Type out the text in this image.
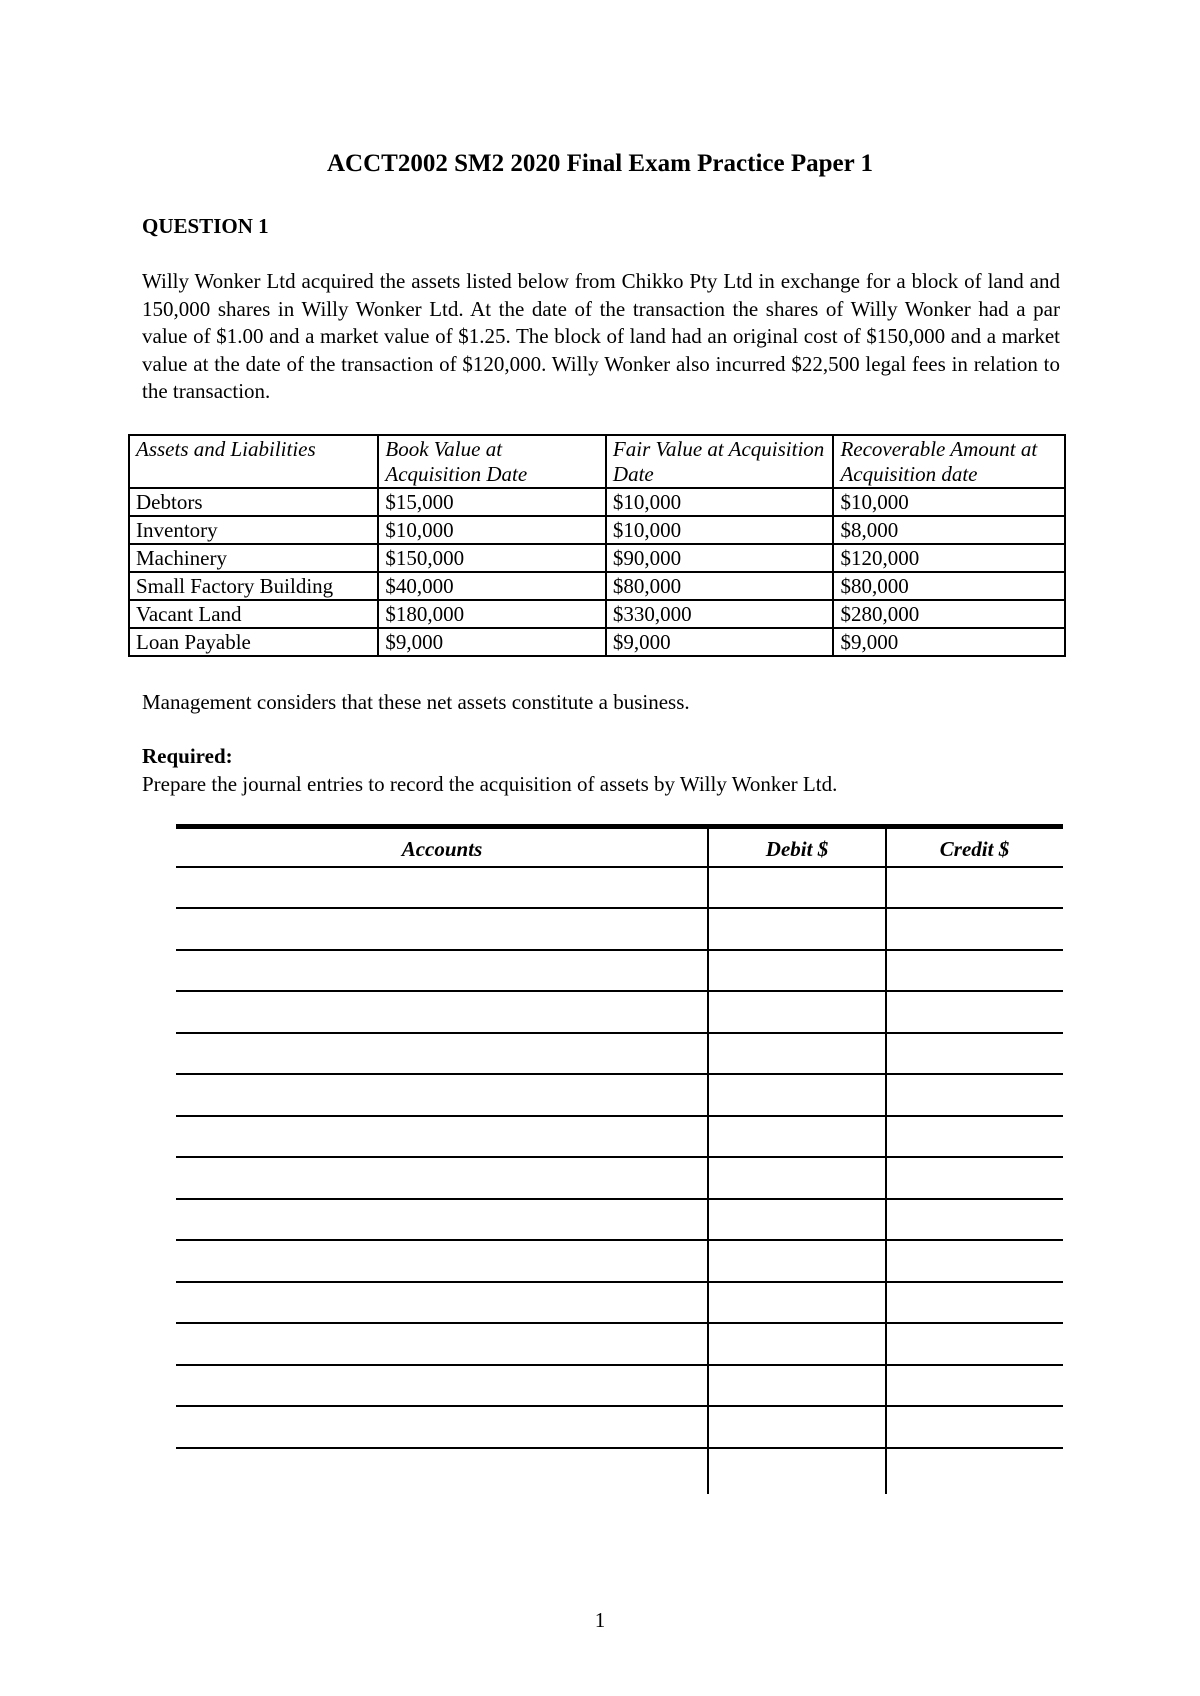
ACCT2002 SM2 2020 Final Exam Practice Paper 1
QUESTION 1

Willy Wonker Ltd acquired the assets listed below from Chikko Pty Ltd in exchange for a block of land and 150,000 shares in Willy Wonker Ltd. At the date of the transaction the shares of Willy Wonker had a par value of $1.00 and a market value of $1.25. The block of land had an original cost of $150,000 and a market value at the date of the transaction of $120,000. Willy Wonker also incurred $22,500 legal fees in relation to the transaction.

Assets and Liabilities	Book Value at Acquisition Date	Fair Value at Acquisition Date	Recoverable Amount at Acquisition date
Debtors	$15,000	$10,000	$10,000
Inventory	$10,000	$10,000	$8,000
Machinery	$150,000	$90,000	$120,000
Small Factory Building	$40,000	$80,000	$80,000
Vacant Land	$180,000	$330,000	$280,000
Loan Payable	$9,000	$9,000	$9,000

Management considers that these net assets constitute a business.

Required:

Prepare the journal entries to record the acquisition of assets by Willy Wonker Ltd.

Accounts	Debit $	Credit $

1
